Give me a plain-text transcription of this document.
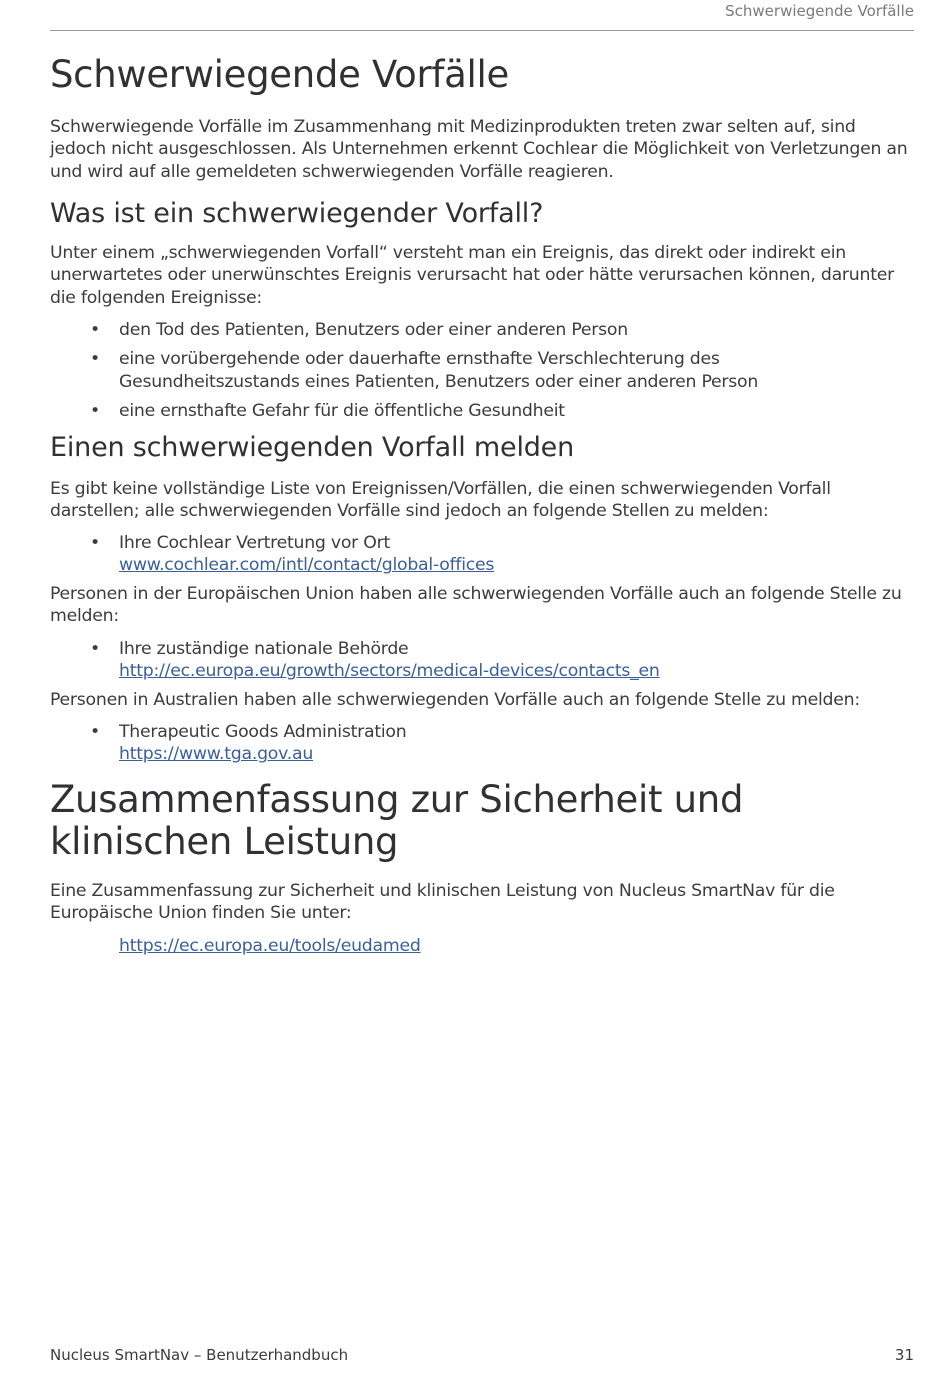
Schwerwiegende Vorfälle
Schwerwiegende Vorfälle

Schwerwiegende Vorfälle im Zusammenhang mit Medizinprodukten treten zwar selten auf, sind jedoch nicht ausgeschlossen. Als Unternehmen erkennt Cochlear die Möglichkeit von Verletzungen an und wird auf alle gemeldeten schwerwiegenden Vorfälle reagieren.

Was ist ein schwerwiegender Vorfall?

Unter einem „schwerwiegenden Vorfall“ versteht man ein Ereignis, das direkt oder indirekt ein unerwartetes oder unerwünschtes Ereignis verursacht hat oder hätte verursachen können, darunter die folgenden Ereignisse:

• den Tod des Patienten, Benutzers oder einer anderen Person
• eine vorübergehende oder dauerhafte ernsthafte Verschlechterung des Gesundheitszustands eines Patienten, Benutzers oder einer anderen Person
• eine ernsthafte Gefahr für die öffentliche Gesundheit
Einen schwerwiegenden Vorfall melden

Es gibt keine vollständige Liste von Ereignissen/Vorfällen, die einen schwerwiegenden Vorfall darstellen; alle schwerwiegenden Vorfälle sind jedoch an folgende Stellen zu melden:

• Ihre Cochlear Vertretung vor Ort
www.cochlear.com/intl/contact/global-offices

Personen in der Europäischen Union haben alle schwerwiegenden Vorfälle auch an folgende Stelle zu melden:

• Ihre zuständige nationale Behörde
http://ec.europa.eu/growth/sectors/medical-devices/contacts_en

Personen in Australien haben alle schwerwiegenden Vorfälle auch an folgende Stelle zu melden:

• Therapeutic Goods Administration
https://www.tga.gov.au
Zusammenfassung zur Sicherheit und
klinischen Leistung

Eine Zusammenfassung zur Sicherheit und klinischen Leistung von Nucleus SmartNav für die Europäische Union finden Sie unter:

https://ec.europa.eu/tools/eudamed
Nucleus SmartNav – Benutzerhandbuch	31
